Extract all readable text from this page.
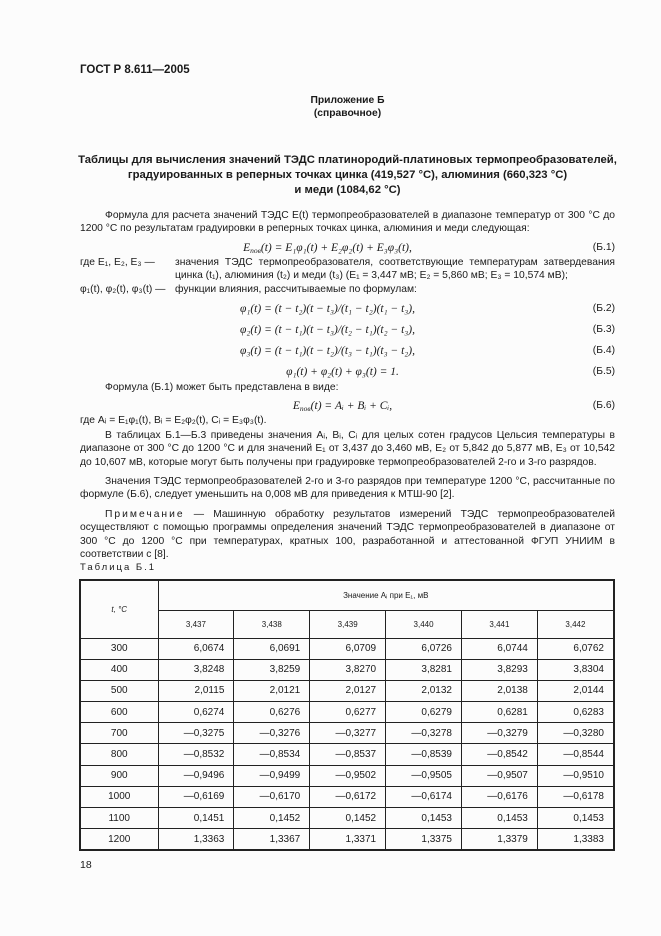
ГОСТ Р 8.611—2005
Приложение Б
(справочное)
Таблицы для вычисления значений ТЭДС платинородий-платиновых термопреобразователей,
градуированных в реперных точках цинка (419,527 °С), алюминия (660,323 °С)
и меди (1084,62 °С)
Формула для расчета значений ТЭДС E(t) термопреобразователей в диапазоне температур от 300 °С до 1200 °С по результатам градуировки в реперных точках цинка, алюминия и меди следующая:
$E_{пов}(t) = E_1\varphi_1(t) + E_2\varphi_2(t) + E_3\varphi_3(t)$,	(Б.1)
где E₁, E₂, E₃ —	значения ТЭДС термопреобразователя, соответствующие температурам затвердевания цинка (t₁), алюминия (t₂) и меди (t₃) (E₁ = 3,447 мВ; E₂ = 5,860 мВ; E₃ = 10,574 мВ);
φ₁(t), φ₂(t), φ₃(t) — функции влияния, рассчитываемые по формулам:
φ₁(t) = (t − t₂)(t − t₃)/(t₁ − t₂)(t₁ − t₃),	(Б.2)
φ₂(t) = (t − t₁)(t − t₃)/(t₂ − t₁)(t₂ − t₃),	(Б.3)
φ₃(t) = (t − t₁)(t − t₂)/(t₃ − t₁)(t₃ − t₂),	(Б.4)
φ₁(t) + φ₂(t) + φ₃(t) = 1.	(Б.5)
Формула (Б.1) может быть представлена в виде:
$E_{пов}(t)$ = Aᵢ + Bᵢ + Cᵢ,	(Б.6)
где Aᵢ = E₁φ₁(t), Bᵢ = E₂φ₂(t), Cᵢ = E₃φ₃(t).
В таблицах Б.1—Б.3 приведены значения Aᵢ, Bᵢ, Cᵢ для целых сотен градусов Цельсия температуры в диапазоне от 300 °С до 1200 °С и для значений E₁ от 3,437 до 3,460 мВ, E₂ от 5,842 до 5,877 мВ, E₃ от 10,542 до 10,607 мВ, которые могут быть получены при градуировке термопреобразователей 2-го и 3-го разрядов.
Значения ТЭДС термопреобразователей 2-го и 3-го разрядов при температуре 1200 °С, рассчитанные по формуле (Б.6), следует уменьшить на 0,008 мВ для приведения к МТШ-90 [2].
Примечание — Машинную обработку результатов измерений ТЭДС термопреобразователей осуществляют с помощью программы определения значений ТЭДС термопреобразователей в диапазоне от 300 °С до 1200 °С при температурах, кратных 100, разработанной и аттестованной ФГУП УНИИМ в соответствии с [8].
Таблица Б.1
t, °С	Значение Aᵢ при E₁, мВ					
	3,437	3,438	3,439	3,440	3,441	3,442
300	6,0674	6,0691	6,0709	6,0726	6,0744	6,0762
400	3,8248	3,8259	3,8270	3,8281	3,8293	3,8304
500	2,0115	2,0121	2,0127	2,0132	2,0138	2,0144
600	0,6274	0,6276	0,6277	0,6279	0,6281	0,6283
700	—0,3275	—0,3276	—0,3277	—0,3278	—0,3279	—0,3280
800	—0,8532	—0,8534	—0,8537	—0,8539	—0,8542	—0,8544
900	—0,9496	—0,9499	—0,9502	—0,9505	—0,9507	—0,9510
1000	—0,6169	—0,6170	—0,6172	—0,6174	—0,6176	—0,6178
1100	0,1451	0,1452	0,1452	0,1453	0,1453	0,1453
1200	1,3363	1,3367	1,3371	1,3375	1,3379	1,3383
18
